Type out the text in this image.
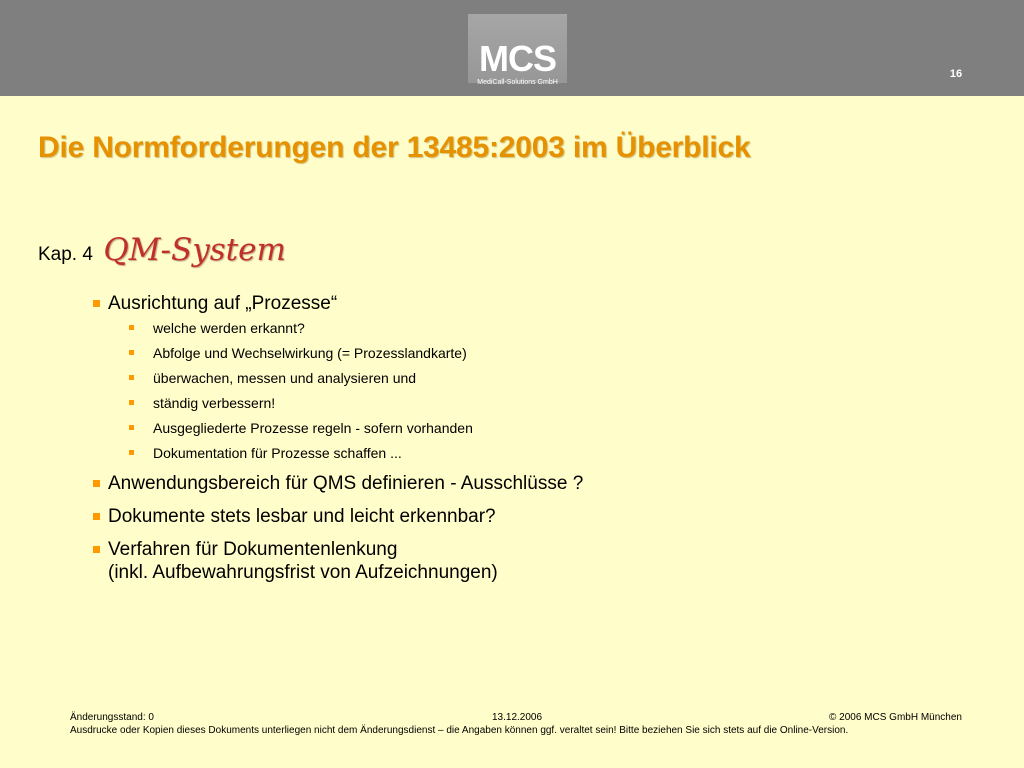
MCS
MediCall-Solutions GmbH
16
Die Normforderungen der 13485:2003 im Überblick
Kap. 4 QM-System
Ausrichtung auf „Prozesse“
welche werden erkannt?
Abfolge und Wechselwirkung (= Prozesslandkarte)
überwachen, messen und analysieren und
ständig verbessern!
Ausgegliederte Prozesse regeln - sofern vorhanden
Dokumentation für Prozesse schaffen ...
Anwendungsbereich für QMS definieren - Ausschlüsse ?
Dokumente stets lesbar und leicht erkennbar?
Verfahren für Dokumentenlenkung
(inkl. Aufbewahrungsfrist von Aufzeichnungen)
Änderungsstand: 0	13.12.2006	© 2006 MCS GmbH München
Ausdrucke oder Kopien dieses Dokuments unterliegen nicht dem Änderungsdienst – die Angaben können ggf. veraltet sein! Bitte beziehen Sie sich stets auf die Online-Version.
